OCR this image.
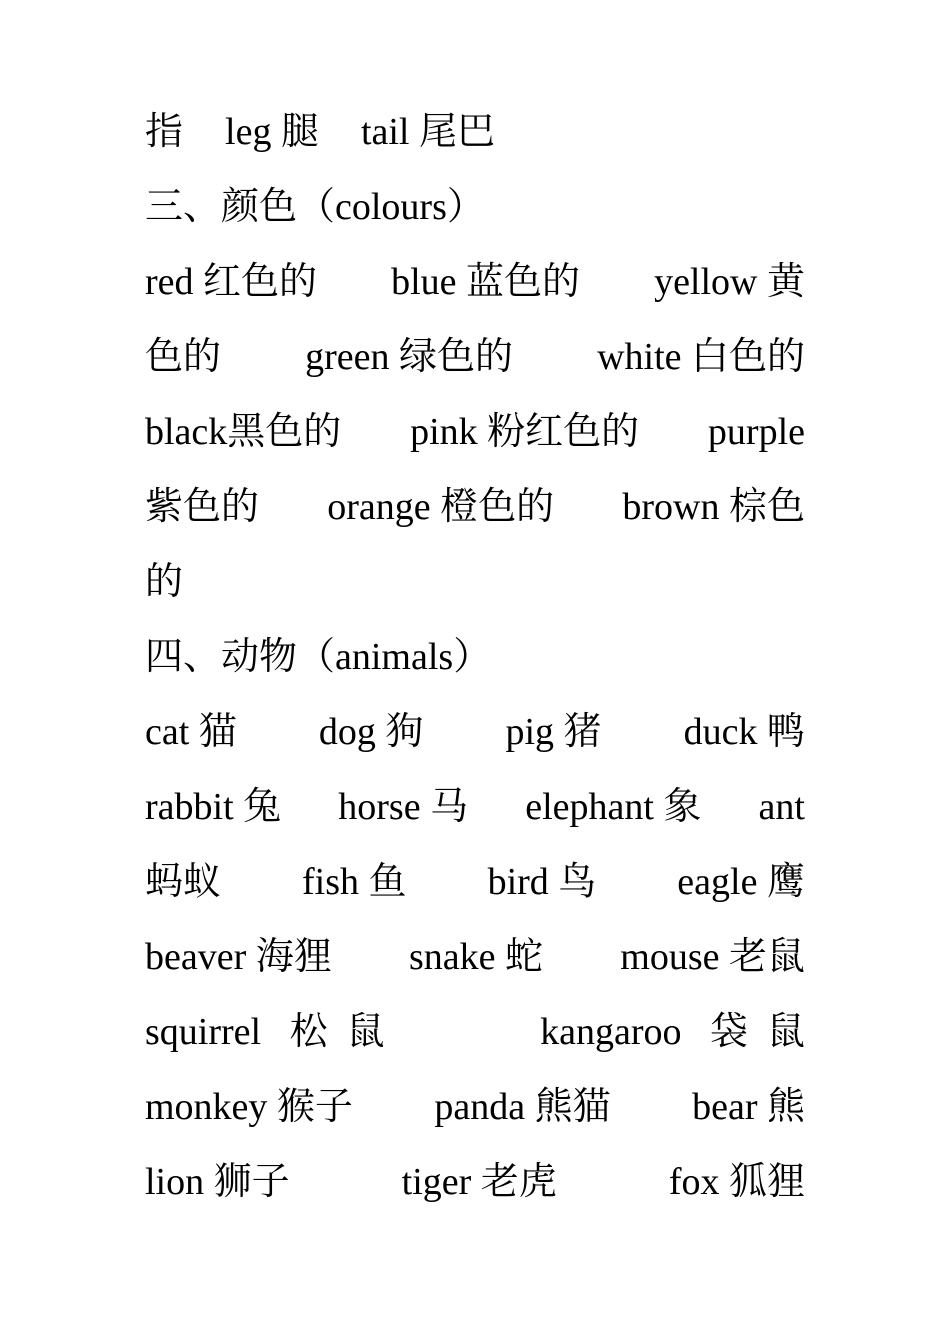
指 leg 腿 tail 尾巴
三、颜色（colours）
red 红色的 blue 蓝色的 yellow 黄
色的 green 绿色的 white 白色的
black黑色的 pink 粉红色的 purple
紫色的 orange 橙色的 brown 棕色
的
四、动物（animals）
cat 猫 dog 狗 pig 猪 duck 鸭
rabbit 兔 horse 马 elephant 象 ant
蚂蚁 fish 鱼 bird 鸟 eagle 鹰
beaver 海狸 snake 蛇 mouse 老鼠
squirrel   松  鼠	kangaroo   袋  鼠
monkey 猴子 panda 熊猫 bear 熊
lion 狮子	tiger 老虎	fox 狐狸
